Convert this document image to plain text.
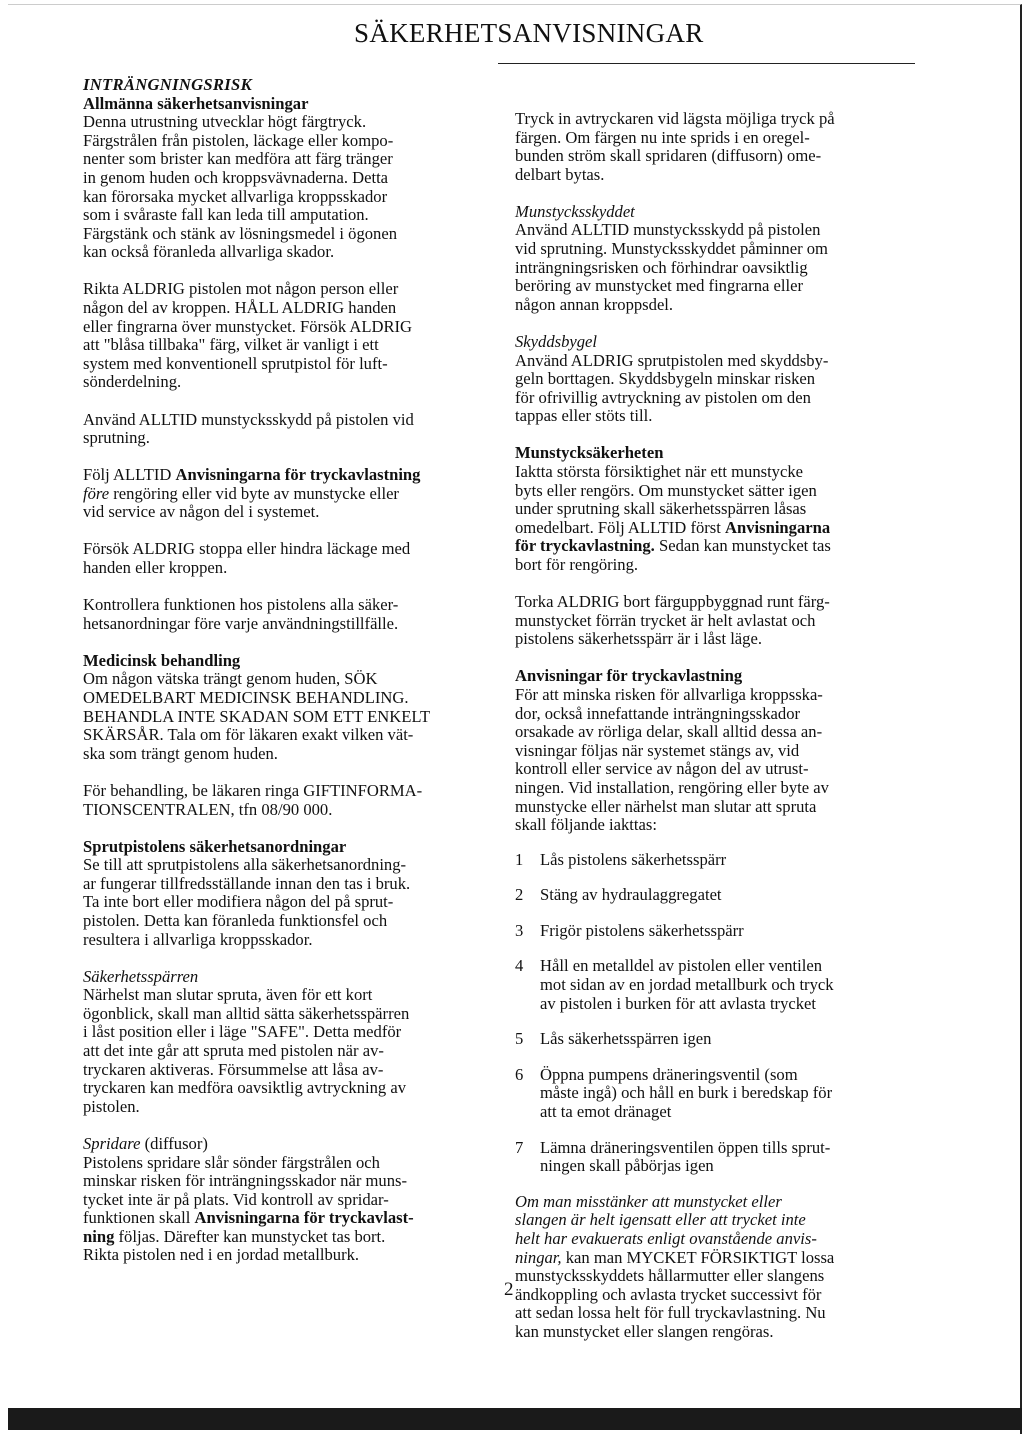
SÄKERHETSANVISNINGAR

INTRÄNGNINGSRISK

Allmänna säkerhetsanvisningar

Denna utrustning utvecklar högt färgtryck.

Färgstrålen från pistolen, läckage eller kompo-

nenter som brister kan medföra att färg tränger

in genom huden och kroppsvävnaderna. Detta

kan förorsaka mycket allvarliga kroppsskador

som i svåraste fall kan leda till amputation.

Färgstänk och stänk av lösningsmedel i ögonen

kan också föranleda allvarliga skador.

Rikta ALDRIG pistolen mot någon person eller

någon del av kroppen. HÅLL ALDRIG handen

eller fingrarna över munstycket. Försök ALDRIG

att "blåsa tillbaka" färg, vilket är vanligt i ett

system med konventionell sprutpistol för luft-

sönderdelning.

Använd ALLTID munstycksskydd på pistolen vid

sprutning.

Följ ALLTID Anvisningarna för tryckavlastning

före rengöring eller vid byte av munstycke eller

vid service av någon del i systemet.

Försök ALDRIG stoppa eller hindra läckage med

handen eller kroppen.

Kontrollera funktionen hos pistolens alla säker-

hetsanordningar före varje användningstillfälle.

Medicinsk behandling

Om någon vätska trängt genom huden, SÖK

OMEDELBART MEDICINSK BEHANDLING.

BEHANDLA INTE SKADAN SOM ETT ENKELT

SKÄRSÅR. Tala om för läkaren exakt vilken vät-

ska som trängt genom huden.

För behandling, be läkaren ringa GIFTINFORMA-

TIONSCENTRALEN, tfn 08/90 000.

Sprutpistolens säkerhetsanordningar

Se till att sprutpistolens alla säkerhetsanordning-

ar fungerar tillfredsställande innan den tas i bruk.

Ta inte bort eller modifiera någon del på sprut-

pistolen. Detta kan föranleda funktionsfel och

resultera i allvarliga kroppsskador.

Säkerhetsspärren

Närhelst man slutar spruta, även för ett kort

ögonblick, skall man alltid sätta säkerhetsspärren

i låst position eller i läge "SAFE". Detta medför

att det inte går att spruta med pistolen när av-

tryckaren aktiveras. Försummelse att låsa av-

tryckaren kan medföra oavsiktlig avtryckning av

pistolen.

Spridare (diffusor)

Pistolens spridare slår sönder färgstrålen och

minskar risken för inträngningsskador när muns-

tycket inte är på plats. Vid kontroll av spridar-

funktionen skall Anvisningarna för tryckavlast-

ning följas. Därefter kan munstycket tas bort.

Rikta pistolen ned i en jordad metallburk.

Tryck in avtryckaren vid lägsta möjliga tryck på

färgen. Om färgen nu inte sprids i en oregel-

bunden ström skall spridaren (diffusorn) ome-

delbart bytas.

Munstycksskyddet

Använd ALLTID munstycksskydd på pistolen

vid sprutning. Munstycksskyddet påminner om

inträngningsrisken och förhindrar oavsiktlig

beröring av munstycket med fingrarna eller

någon annan kroppsdel.

Skyddsbygel

Använd ALDRIG sprutpistolen med skyddsby-

geln borttagen. Skyddsbygeln minskar risken

för ofrivillig avtryckning av pistolen om den

tappas eller stöts till.

Munstycksäkerheten

Iaktta största försiktighet när ett munstycke

byts eller rengörs. Om munstycket sätter igen

under sprutning skall säkerhetsspärren låsas

omedelbart. Följ ALLTID först Anvisningarna

för tryckavlastning. Sedan kan munstycket tas

bort för rengöring.

Torka ALDRIG bort färguppbyggnad runt färg-

munstycket förrän trycket är helt avlastat och

pistolens säkerhetsspärr är i låst läge.

Anvisningar för tryckavlastning

För att minska risken för allvarliga kroppsska-

dor, också innefattande inträngningsskador

orsakade av rörliga delar, skall alltid dessa an-

visningar följas när systemet stängs av, vid

kontroll eller service av någon del av utrust-

ningen. Vid installation, rengöring eller byte av

munstycke eller närhelst man slutar att spruta

skall följande iakttas:

1	Lås pistolens säkerhetsspärr
2	Stäng av hydraulaggregatet
3	Frigör pistolens säkerhetsspärr
4	Håll en metalldel av pistolen eller ventilen
mot sidan av en jordad metallburk och tryck
av pistolen i burken för att avlasta trycket
5	Lås säkerhetsspärren igen
6	Öppna pumpens dräneringsventil (som
måste ingå) och håll en burk i beredskap för
att ta emot dränaget
7	Lämna dräneringsventilen öppen tills sprut-
ningen skall påbörjas igen

Om man misstänker att munstycket eller

slangen är helt igensatt eller att trycket inte

helt har evakuerats enligt ovanstående anvis-

ningar, kan man MYCKET FÖRSIKTIGT lossa

munstycksskyddets hållarmutter eller slangens

ändkoppling och avlasta trycket successivt för

att sedan lossa helt för full tryckavlastning. Nu

kan munstycket eller slangen rengöras.

2
